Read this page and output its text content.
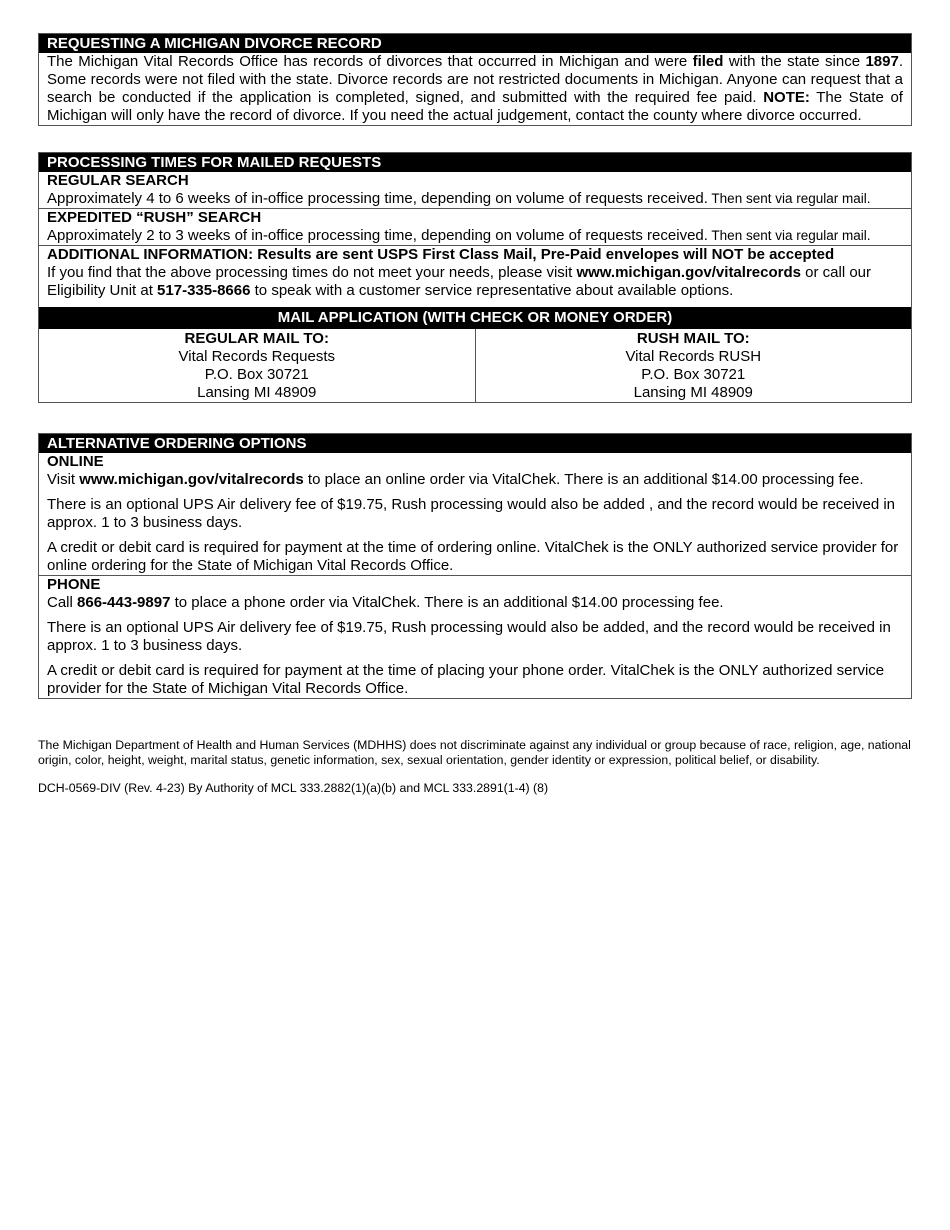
REQUESTING A MICHIGAN DIVORCE RECORD
The Michigan Vital Records Office has records of divorces that occurred in Michigan and were filed with the state since 1897. Some records were not filed with the state. Divorce records are not restricted documents in Michigan. Anyone can request that a search be conducted if the application is completed, signed, and submitted with the required fee paid. NOTE: The State of Michigan will only have the record of divorce. If you need the actual judgement, contact the county where divorce occurred.
PROCESSING TIMES FOR MAILED REQUESTS
REGULAR SEARCH
Approximately 4 to 6 weeks of in-office processing time, depending on volume of requests received. Then sent via regular mail.
EXPEDITED “RUSH” SEARCH
Approximately 2 to 3 weeks of in-office processing time, depending on volume of requests received. Then sent via regular mail.
ADDITIONAL INFORMATION: Results are sent USPS First Class Mail, Pre-Paid envelopes will NOT be accepted
If you find that the above processing times do not meet your needs, please visit www.michigan.gov/vitalrecords or call our Eligibility Unit at 517-335-8666 to speak with a customer service representative about available options.
MAIL APPLICATION (WITH CHECK OR MONEY ORDER)
REGULAR MAIL TO:
Vital Records Requests
P.O. Box 30721
Lansing MI 48909
RUSH MAIL TO:
Vital Records RUSH
P.O. Box 30721
Lansing MI 48909
ALTERNATIVE ORDERING OPTIONS
ONLINE
Visit www.michigan.gov/vitalrecords to place an online order via VitalChek. There is an additional $14.00 processing fee.
There is an optional UPS Air delivery fee of $19.75, Rush processing would also be added , and the record would be received in approx. 1 to 3 business days.
A credit or debit card is required for payment at the time of ordering online. VitalChek is the ONLY authorized service provider for online ordering for the State of Michigan Vital Records Office.
PHONE
Call 866-443-9897 to place a phone order via VitalChek. There is an additional $14.00 processing fee.
There is an optional UPS Air delivery fee of $19.75, Rush processing would also be added, and the record would be received in approx. 1 to 3 business days.
A credit or debit card is required for payment at the time of placing your phone order. VitalChek is the ONLY authorized service provider for the State of Michigan Vital Records Office.
The Michigan Department of Health and Human Services (MDHHS) does not discriminate against any individual or group because of race, religion, age, national origin, color, height, weight, marital status, genetic information, sex, sexual orientation, gender identity or expression, political belief, or disability.
DCH-0569-DIV (Rev. 4-23) By Authority of MCL 333.2882(1)(a)(b) and MCL 333.2891(1-4) (8)
